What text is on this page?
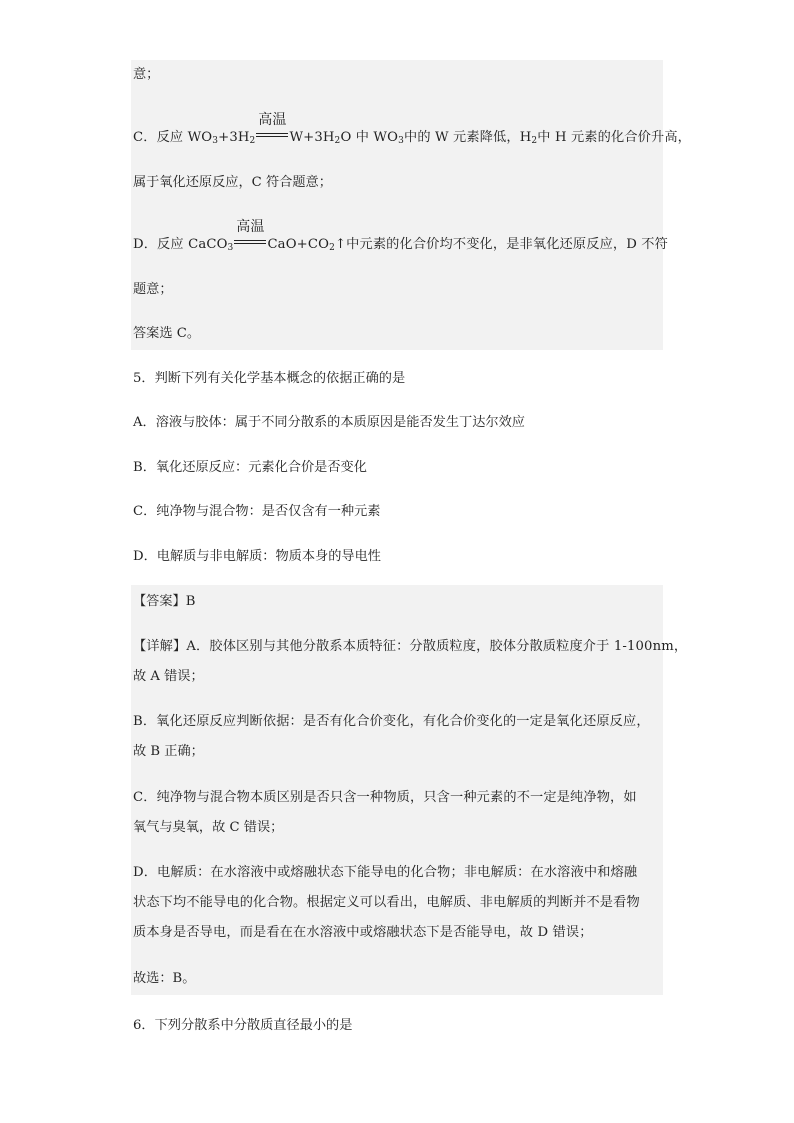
意；
C．反应 $WO_3+3H_2$
高温
$W+3H_2O$ 中 $WO_3$中的 W 元素降低，$H_2$中 H 元素的化合价升高，
属于氧化还原反应，C 符合题意；
D．反应 CaCO$_3$
高温
$CaO+CO_2↑$中元素的化合价均不变化，是非氧化还原反应，D 不符
题意；
答案选 C。
5．判断下列有关化学基本概念的依据正确的是
A．溶液与胶体：属于不同分散系的本质原因是能否发生丁达尔效应
B．氧化还原反应：元素化合价是否变化
C．纯净物与混合物：是否仅含有一种元素
D．电解质与非电解质：物质本身的导电性
【答案】B
【详解】A．胶体区别与其他分散系本质特征：分散质粒度，胶体分散质粒度介于 1-100nm，
故 A 错误；
B．氧化还原反应判断依据：是否有化合价变化，有化合价变化的一定是氧化还原反应，
故 B 正确；
C．纯净物与混合物本质区别是否只含一种物质，只含一种元素的不一定是纯净物，如
氧气与臭氧，故 C 错误；
D．电解质：在水溶液中或熔融状态下能导电的化合物；非电解质：在水溶液中和熔融
状态下均不能导电的化合物。根据定义可以看出，电解质、非电解质的判断并不是看物
质本身是否导电，而是看在在水溶液中或熔融状态下是否能导电，故 D 错误；
故选：B。
6．下列分散系中分散质直径最小的是
